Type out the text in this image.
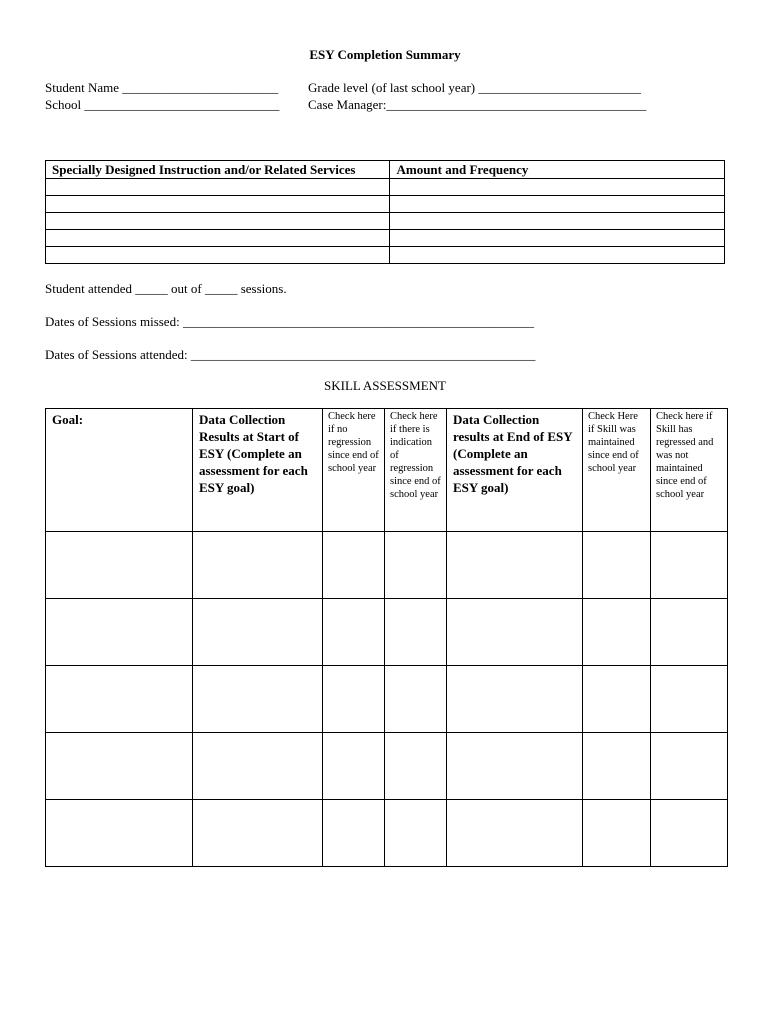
ESY Completion Summary
Student Name ________________________ Grade level (of last school year) _________________________
School ______________________________ Case Manager:________________________________________
Specially Designed Instruction and/or Related Services	Amount and Frequency

Student attended _____ out of _____ sessions.
Dates of Sessions missed: ______________________________________________________
Dates of Sessions attended: _____________________________________________________
SKILL ASSESSMENT
Goal:	Data Collection Results at Start of ESY (Complete an assessment for each ESY goal)	Check here if no regression since end of school year	Check here if there is indication of regression since end of school year	Data Collection results at End of ESY (Complete an assessment for each ESY goal)	Check Here if Skill was maintained since end of school year	Check here if Skill has regressed and was not maintained since end of school year
